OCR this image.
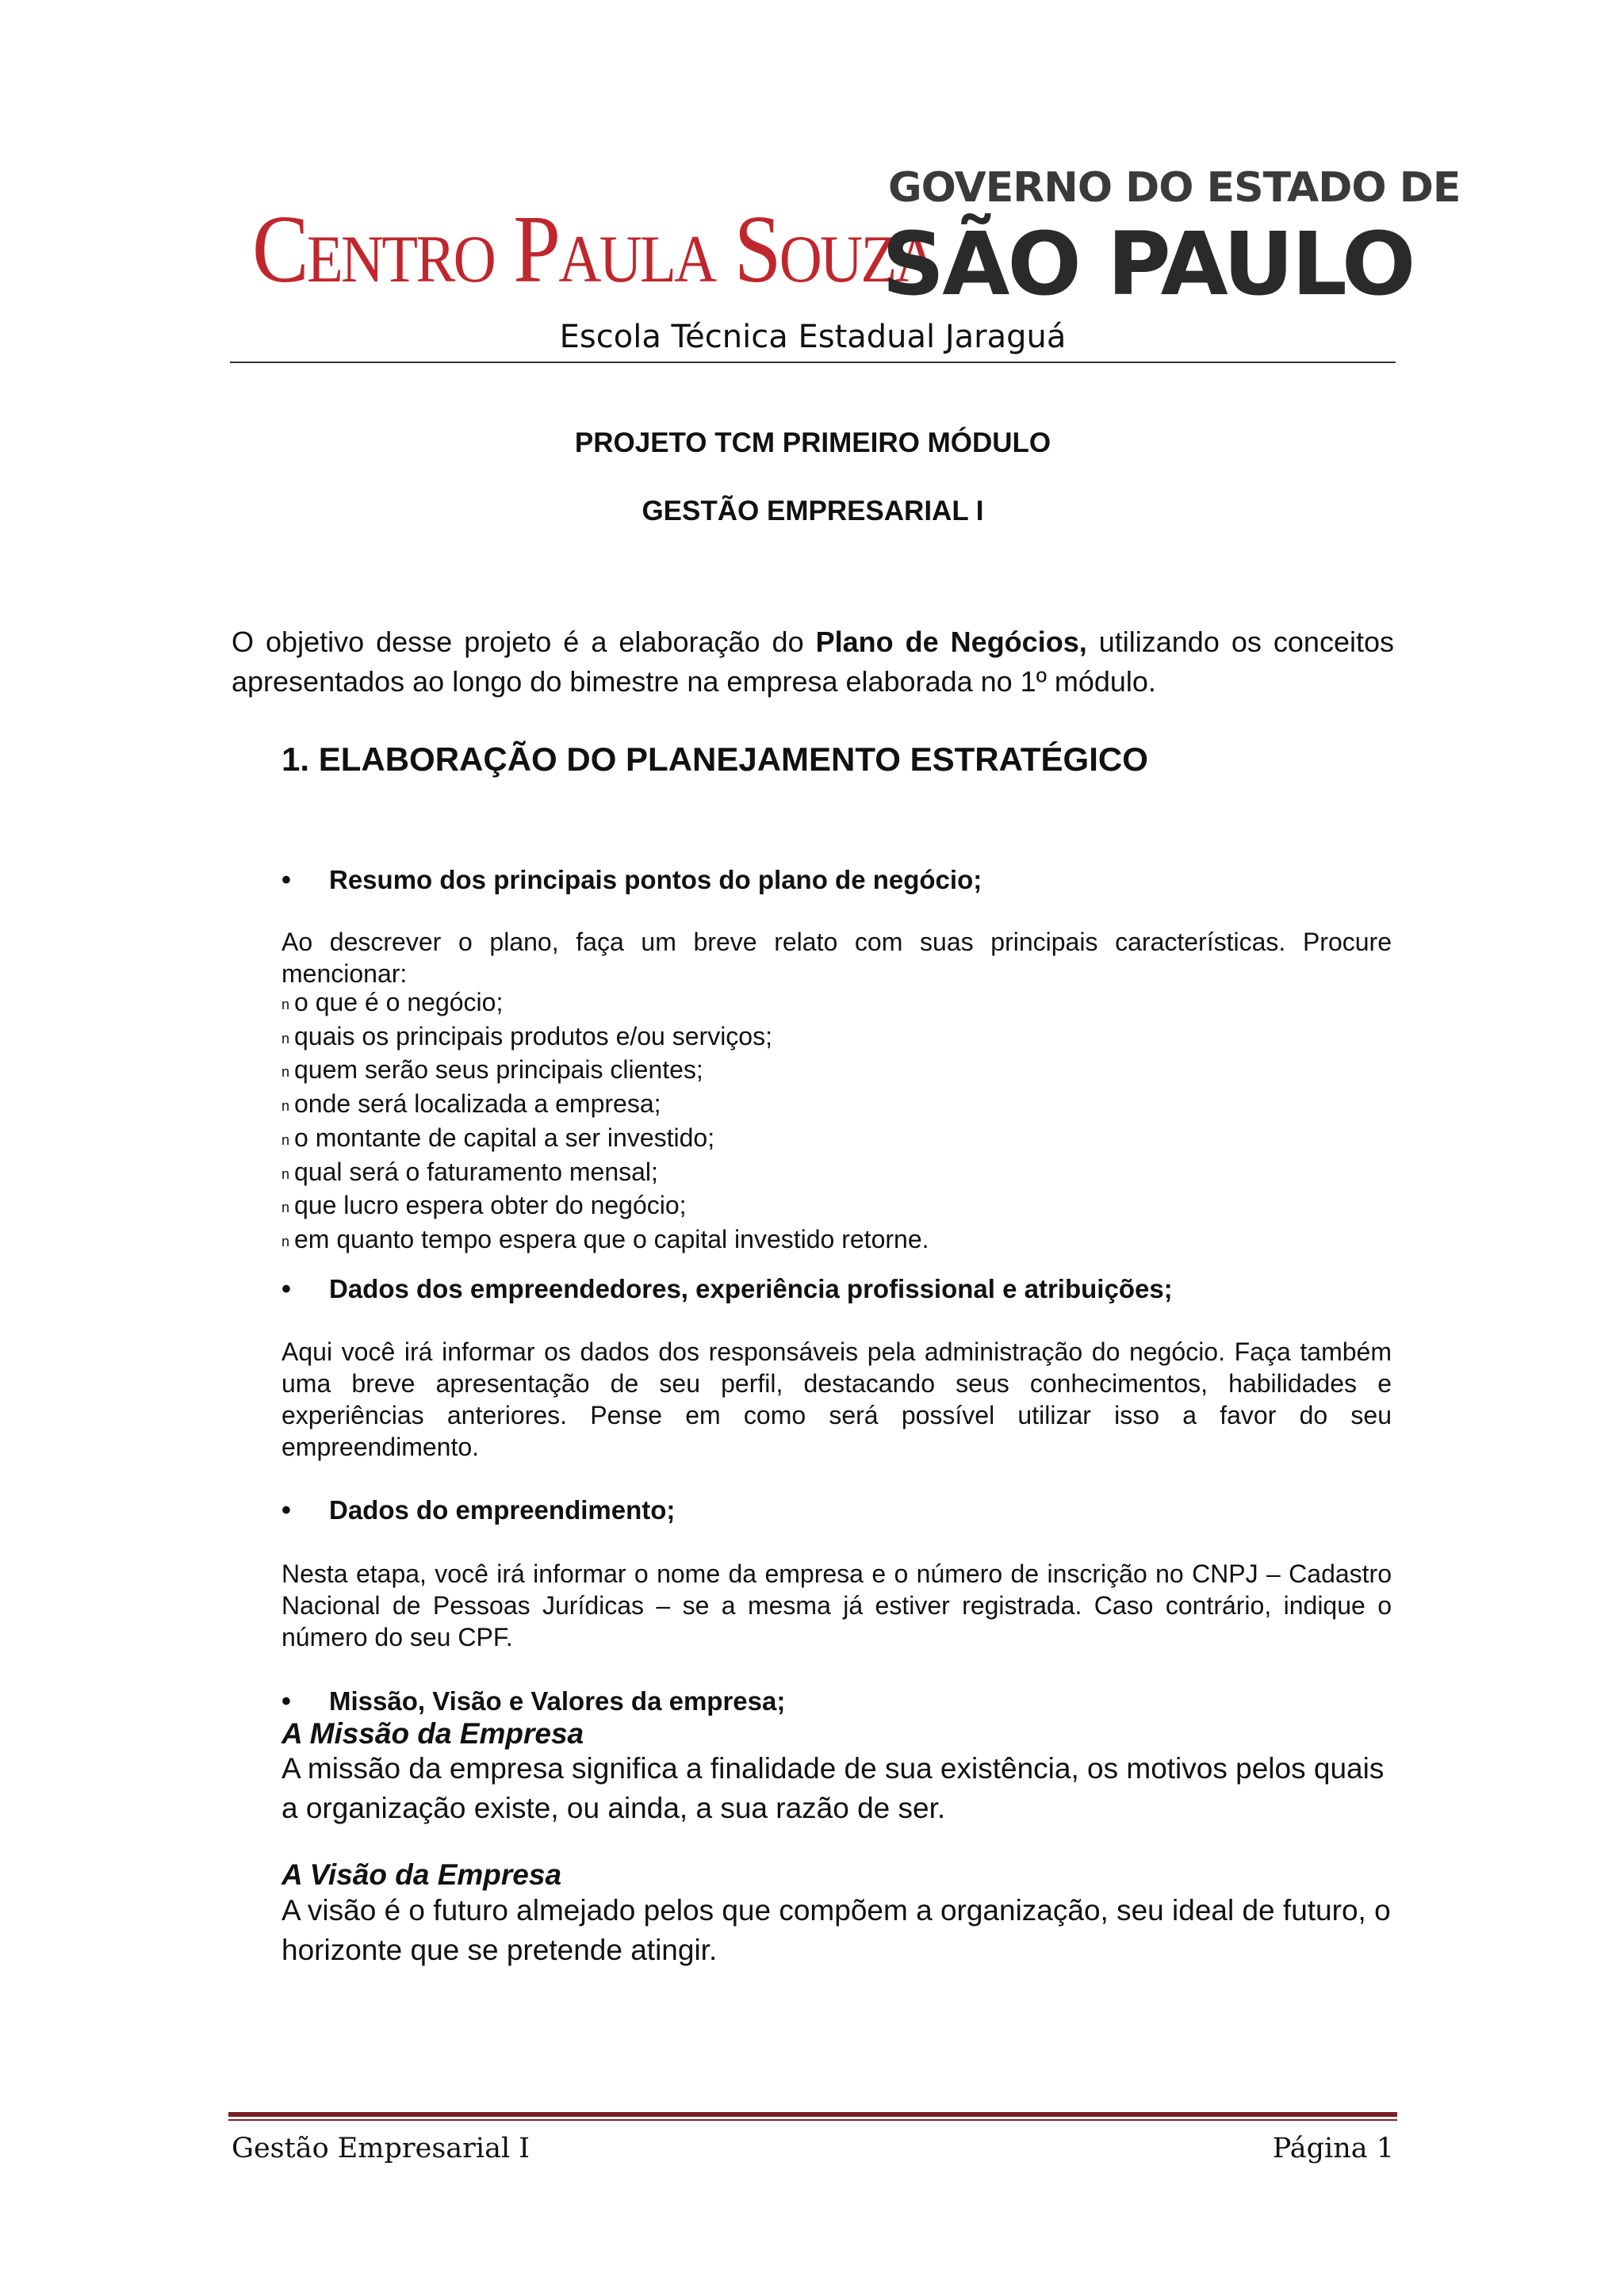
Centro Paula Souza
GOVERNO DO ESTADO DE
SÃO PAULO
Escola Técnica Estadual Jaraguá
PROJETO TCM PRIMEIRO MÓDULO
GESTÃO EMPRESARIAL I
O objetivo desse projeto é a elaboração do Plano de Negócios, utilizando os conceitos apresentados ao longo do bimestre na empresa elaborada no 1º módulo.
1. ELABORAÇÃO DO PLANEJAMENTO ESTRATÉGICO
• Resumo dos principais pontos do plano de negócio;
Ao descrever o plano, faça um breve relato com suas principais características. Procure mencionar:
n o que é o negócio;
n quais os principais produtos e/ou serviços;
n quem serão seus principais clientes;
n onde será localizada a empresa;
n o montante de capital a ser investido;
n qual será o faturamento mensal;
n que lucro espera obter do negócio;
n em quanto tempo espera que o capital investido retorne.
• Dados dos empreendedores, experiência profissional e atribuições;
Aqui você irá informar os dados dos responsáveis pela administração do negócio. Faça também uma breve apresentação de seu perfil, destacando seus conhecimentos, habilidades e experiências anteriores. Pense em como será possível utilizar isso a favor do seu empreendimento.
• Dados do empreendimento;
Nesta etapa, você irá informar o nome da empresa e o número de inscrição no CNPJ – Cadastro Nacional de Pessoas Jurídicas – se a mesma já estiver registrada. Caso contrário, indique o número do seu CPF.
• Missão, Visão e Valores da empresa;
A Missão da Empresa
A missão da empresa significa a finalidade de sua existência, os motivos pelos quais a organização existe, ou ainda, a sua razão de ser.
A Visão da Empresa
A visão é o futuro almejado pelos que compõem a organização, seu ideal de futuro, o horizonte que se pretende atingir.
Gestão Empresarial I	Página 1
